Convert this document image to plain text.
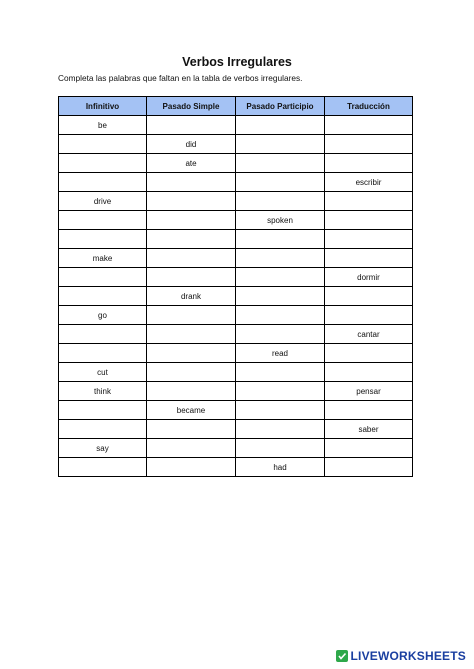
Verbos Irregulares

Completa las palabras que faltan en la tabla de verbos irregulares.

Infinitivo	Pasado Simple	Pasado Participio	Traducción
be			
	did		
	ate		
			escribir
drive			
		spoken	

make			
			dormir
	drank		
go			
			cantar
		read	
cut			
think			pensar
	became		
			saber
say			
		had	
LIVEWORKSHEETS
